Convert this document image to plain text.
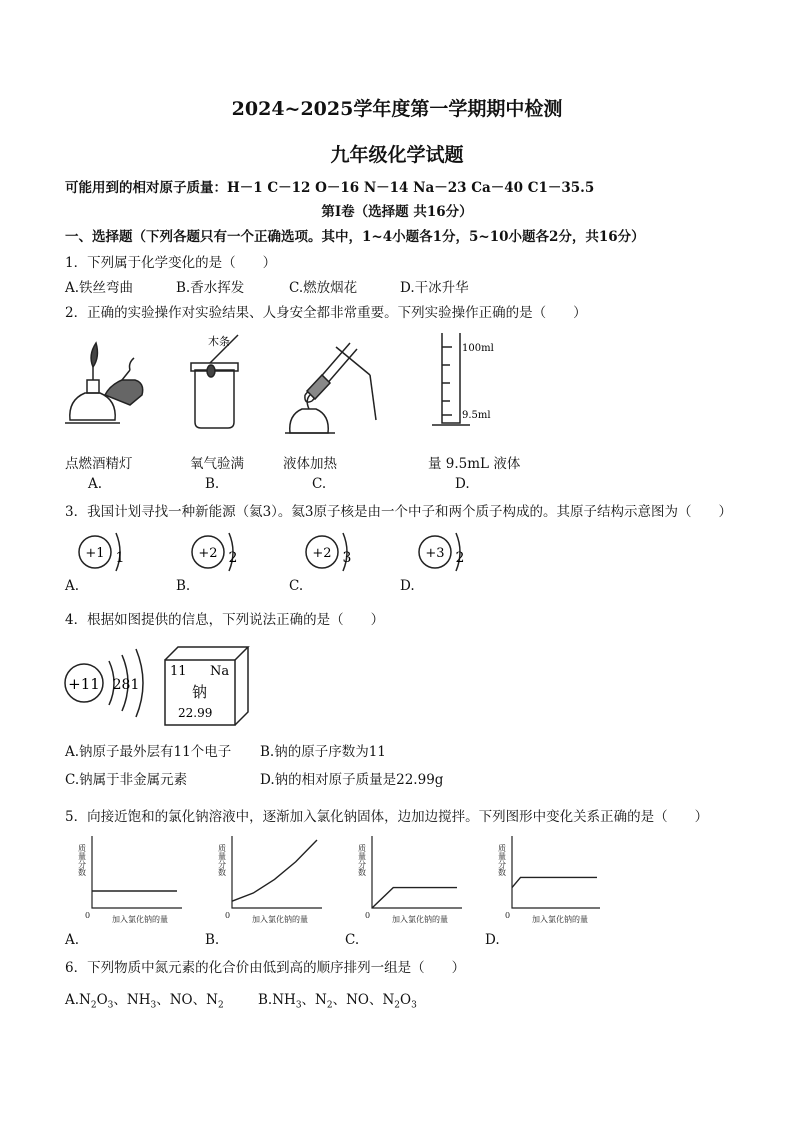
2024~2025学年度第一学期期中检测
九年级化学试题
可能用到的相对原子质量：H－1 C－12 O－16 N－14 Na－23 Ca－40 C1－35.5
第I卷（选择题 共16分）
一、选择题（下列各题只有一个正确选项。其中，1~4小题各1分，5~10小题各2分，共16分）
1．下列属于化学变化的是（　　）
A.铁丝弯曲	B.香水挥发	C.燃放烟花	D.干冰升华
2．正确的实验操作对实验结果、人身安全都非常重要。下列实验操作正确的是（　　）
木条
100ml
9.5ml
点燃酒精灯	氧气验满	液体加热	量 9.5mL 液体
A.	B.	C.	D.
3．我国计划寻找一种新能源（氦3）。氦3原子核是由一个中子和两个质子构成的。其原子结构示意图为（　　）
+1	+2	+2	+3
1	2	3	2
A.	B.	C.	D.
4．根据如图提供的信息，下列说法正确的是（　　）
+11 281
11 Na
钠
22.99
A.钠原子最外层有11个电子 B.钠的原子序数为11
C.钠属于非金属元素	D.钠的相对原子质量是22.99g
5．向接近饱和的氯化钠溶液中，逐渐加入氯化钠固体，边加边搅拌。下列图形中变化关系正确的是（　　）
质量分数
加入氯化钠的量
0
质量分数
加入氯化钠的量
0
质量分数
加入氯化钠的量
0
质量分数
加入氯化钠的量
0
A.	B.	C.	D.
6．下列物质中氮元素的化合价由低到高的顺序排列一组是（　　）
$A.N_2O_3$、$NH_3$、NO、$N_2$	$B.NH_3$、$N_2$、NO、$N_2O_3$
